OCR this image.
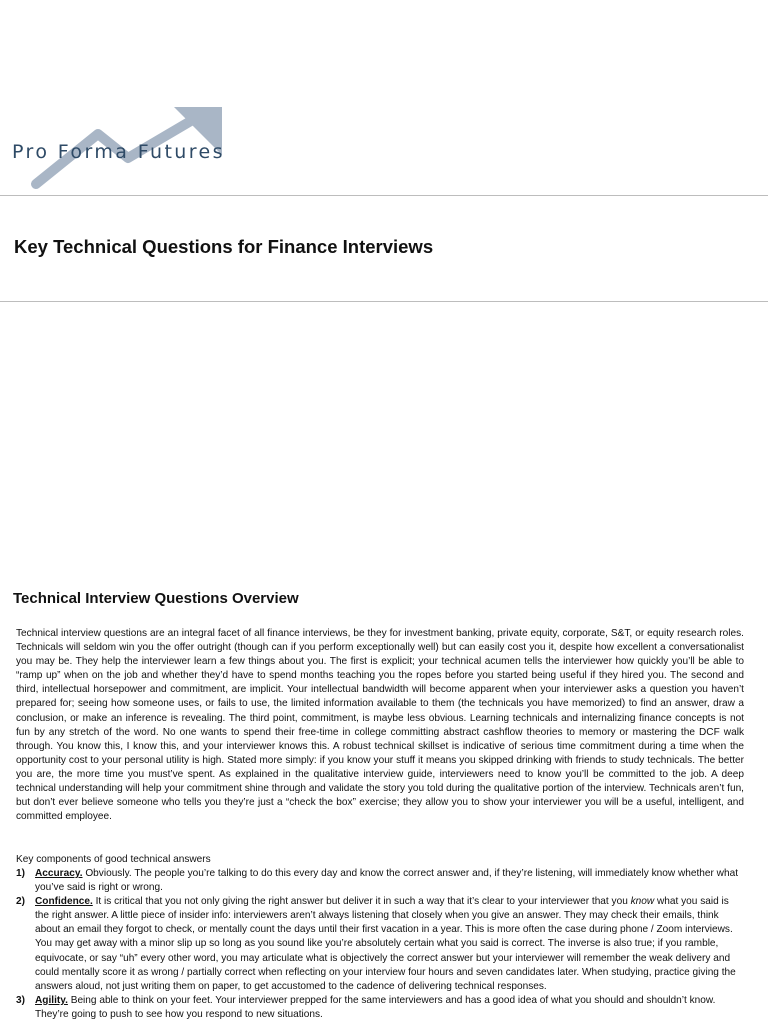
Pro Forma Futures
Key Technical Questions for Finance Interviews
Technical Interview Questions Overview

Technical interview questions are an integral facet of all finance interviews, be they for investment banking, private equity, corporate, S&T, or equity research roles. Technicals will seldom win you the offer outright (though can if you perform exceptionally well) but can easily cost you it, despite how excellent a conversationalist you may be. They help the interviewer learn a few things about you. The first is explicit; your technical acumen tells the interviewer how quickly you’ll be able to “ramp up” when on the job and whether they’d have to spend months teaching you the ropes before you started being useful if they hired you. The second and third, intellectual horsepower and commitment, are implicit. Your intellectual bandwidth will become apparent when your interviewer asks a question you haven’t prepared for; seeing how someone uses, or fails to use, the limited information available to them (the technicals you have memorized) to find an answer, draw a conclusion, or make an inference is revealing. The third point, commitment, is maybe less obvious. Learning technicals and internalizing finance concepts is not fun by any stretch of the word. No one wants to spend their free-time in college committing abstract cashflow theories to memory or mastering the DCF walk through. You know this, I know this, and your interviewer knows this. A robust technical skillset is indicative of serious time commitment during a time when the opportunity cost to your personal utility is high. Stated more simply: if you know your stuff it means you skipped drinking with friends to study technicals. The better you are, the more time you must’ve spent. As explained in the qualitative interview guide, interviewers need to know you’ll be committed to the job. A deep technical understanding will help your commitment shine through and validate the story you told during the qualitative portion of the interview. Technicals aren’t fun, but don’t ever believe someone who tells you they’re just a “check the box” exercise; they allow you to show your interviewer you will be a useful, intelligent, and committed employee.

Key components of good technical answers
1) Accuracy. Obviously. The people you’re talking to do this every day and know the correct answer and, if they’re listening, will immediately know whether what you’ve said is right or wrong.
2) Confidence. It is critical that you not only giving the right answer but deliver it in such a way that it’s clear to your interviewer that you know what you said is the right answer. A little piece of insider info: interviewers aren’t always listening that closely when you give an answer. They may check their emails, think about an email they forgot to check, or mentally count the days until their first vacation in a year. This is more often the case during phone / Zoom interviews. You may get away with a minor slip up so long as you sound like you’re absolutely certain what you said is correct. The inverse is also true; if you ramble, equivocate, or say “uh” every other word, you may articulate what is objectively the correct answer but your interviewer will remember the weak delivery and could mentally score it as wrong / partially correct when reflecting on your interview four hours and seven candidates later. When studying, practice giving the answers aloud, not just writing them on paper, to get accustomed to the cadence of delivering technical responses.
3) Agility. Being able to think on your feet. Your interviewer prepped for the same interviewers and has a good idea of what you should and shouldn’t know. They’re going to push to see how you respond to new situations.
